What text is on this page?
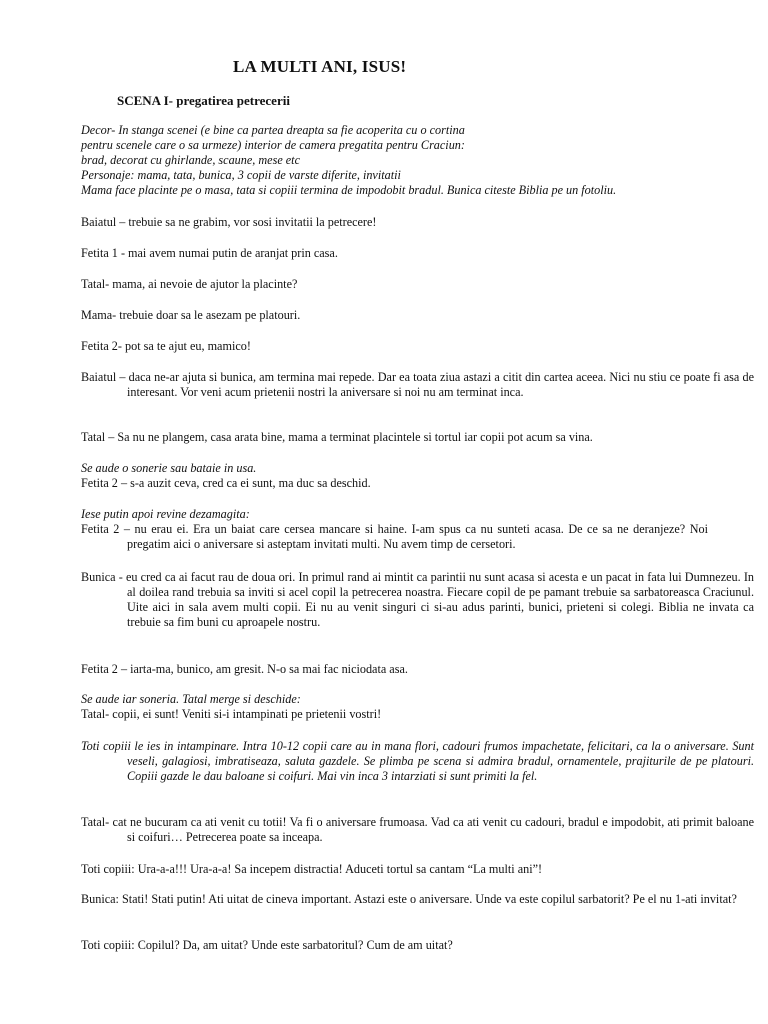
LA MULTI ANI, ISUS!
SCENA I- pregatirea petrecerii
Decor- In stanga scenei (e bine ca partea dreapta sa fie acoperita cu o cortina
pentru scenele care o sa urmeze) interior de camera pregatita pentru Craciun:
brad, decorat cu ghirlande, scaune, mese etc
Personaje: mama, tata, bunica, 3 copii de varste diferite, invitatii
Mama face placinte pe o masa, tata si copiii termina de impodobit bradul. Bunica citeste Biblia pe un fotoliu.
Baiatul – trebuie sa ne grabim, vor sosi invitatii la petrecere!
Fetita 1 - mai avem numai putin de aranjat prin casa.
Tatal- mama, ai nevoie de ajutor la placinte?
Mama- trebuie doar sa le asezam pe platouri.
Fetita 2- pot sa te ajut eu, mamico!
Baiatul – daca ne-ar ajuta si bunica, am termina mai repede. Dar ea toata ziua astazi a citit din cartea aceea. Nici nu stiu ce poate fi asa de interesant. Vor veni acum prietenii nostri la aniversare si noi nu am terminat inca.
Tatal – Sa nu ne plangem, casa arata bine, mama a terminat placintele si tortul iar copii pot acum sa vina.
Se aude o sonerie sau bataie in usa.
Fetita 2 – s-a auzit ceva, cred ca ei sunt, ma duc sa deschid.
Iese putin apoi revine dezamagita:
Fetita 2 – nu erau ei. Era un baiat care cersea mancare si haine. I-am spus ca nu sunteti acasa. De ce sa ne deranjeze? Noi pregatim aici o aniversare si asteptam invitati multi. Nu avem timp de cersetori.
Bunica - eu cred ca ai facut rau de doua ori. In primul rand ai mintit ca parintii nu sunt acasa si acesta e un pacat in fata lui Dumnezeu. In al doilea rand trebuia sa inviti si acel copil la petrecerea noastra. Fiecare copil de pe pamant trebuie sa sarbatoreasca Craciunul. Uite aici in sala avem multi copii. Ei nu au venit singuri ci si-au adus parinti, bunici, prieteni si colegi. Biblia ne invata ca trebuie sa fim buni cu aproapele nostru.
Fetita 2 – iarta-ma, bunico, am gresit. N-o sa mai fac niciodata asa.
Se aude iar soneria. Tatal merge si deschide:
Tatal- copii, ei sunt! Veniti si-i intampinati pe prietenii vostri!
Toti copiii le ies in intampinare. Intra 10-12 copii care au in mana flori, cadouri frumos impachetate, felicitari, ca la o aniversare. Sunt veseli, galagiosi, imbratiseaza, saluta gazdele. Se plimba pe scena si admira bradul, ornamentele, prajiturile de pe platouri. Copiii gazde le dau baloane si coifuri. Mai vin inca 3 intarziati si sunt primiti la fel.
Tatal- cat ne bucuram ca ati venit cu totii! Va fi o aniversare frumoasa. Vad ca ati venit cu cadouri, bradul e impodobit, ati primit baloane si coifuri… Petrecerea poate sa inceapa.
Toti copiii: Ura-a-a!!! Ura-a-a! Sa incepem distractia! Aduceti tortul sa cantam “La multi ani”!
Bunica: Stati! Stati putin! Ati uitat de cineva important. Astazi este o aniversare. Unde va este copilul sarbatorit? Pe el nu 1-ati invitat?
Toti copiii: Copilul? Da, am uitat? Unde este sarbatoritul? Cum de am uitat?
